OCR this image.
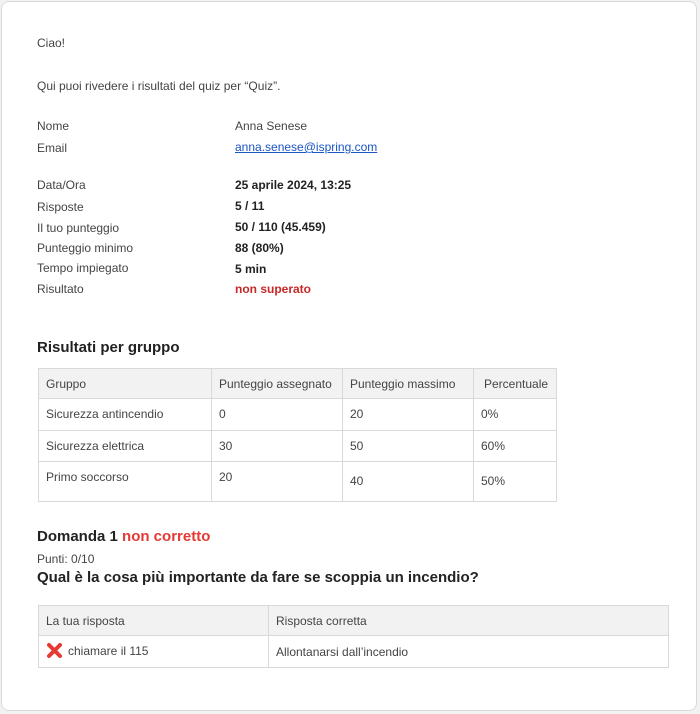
Ciao!
Qui puoi rivedere i risultati del quiz per “Quiz”.
Nome	Anna Senese
Email	anna.senese@ispring.com
Data/Ora	25 aprile 2024, 13:25
Risposte	5 / 11
Il tuo punteggio	50 / 110 (45.459)
Punteggio minimo	88 (80%)
Tempo impiegato	5 min
Risultato	non superato
Risultati per gruppo
Gruppo	Punteggio assegnato	Punteggio massimo	Percentuale
Sicurezza antincendio	0	20	0%
Sicurezza elettrica	30	50	60%
Primo soccorso	20	40	50%
Domanda 1 non corretto
Punti: 0/10
Qual è la cosa più importante da fare se scoppia un incendio?
La tua risposta	Risposta corretta
chiamare il 115	Allontanarsi dall’incendio
